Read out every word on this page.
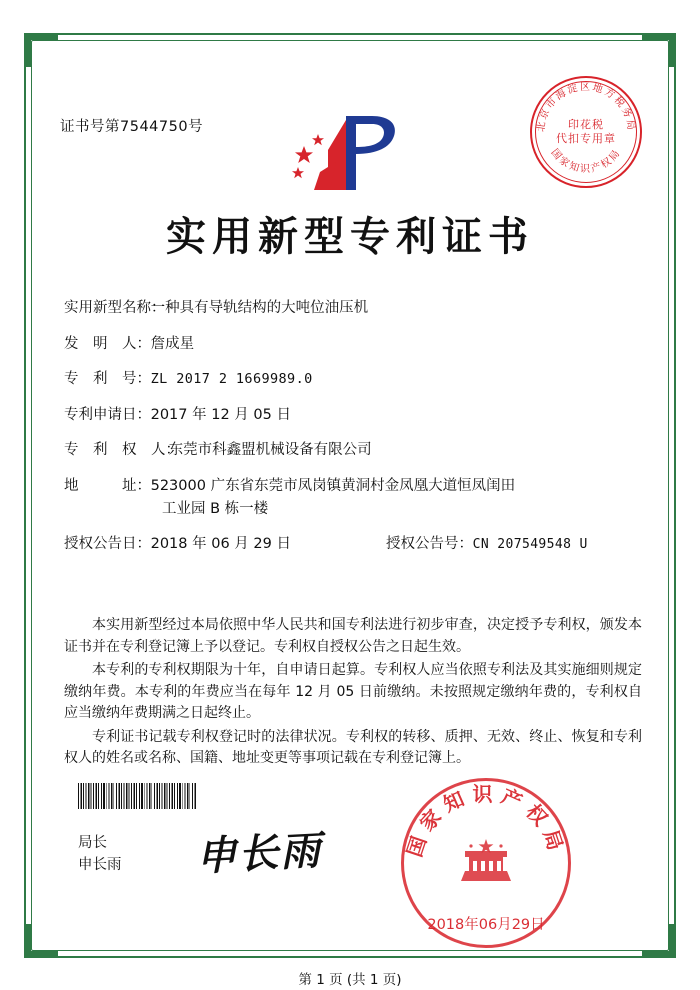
证书号第7544750号	北京市海淀区地方税务局
国家知识产权局
印花税
代扣专用章
实用新型专利证书
实用新型名称： 一种具有导轨结构的大吨位油压机
发　明　人： 詹成星
专　利　号： ZL 2017 2 1669989.0
专利申请日： 2017 年 12 月 05 日
专　利　权　人： 东莞市科鑫盟机械设备有限公司
地　　　址： 523000 广东省东莞市凤岗镇黄洞村金凤凰大道恒凤闺田
工业园 B 栋一楼
授权公告日： 2018 年 06 月 29 日	授权公告号： CN 207549548 U

本实用新型经过本局依照中华人民共和国专利法进行初步审查，决定授予专利权，颁发本证书并在专利登记簿上予以登记。专利权自授权公告之日起生效。

本专利的专利权期限为十年，自申请日起算。专利权人应当依照专利法及其实施细则规定缴纳年费。本专利的年费应当在每年 12 月 05 日前缴纳。未按照规定缴纳年费的，专利权自应当缴纳年费期满之日起终止。

专利证书记载专利权登记时的法律状况。专利权的转移、质押、无效、终止、恢复和专利权人的姓名或名称、国籍、地址变更等事项记载在专利登记簿上。

局长
申长雨 申长雨	国家知识产权局
2018年06月29日
第 1 页 (共 1 页)
